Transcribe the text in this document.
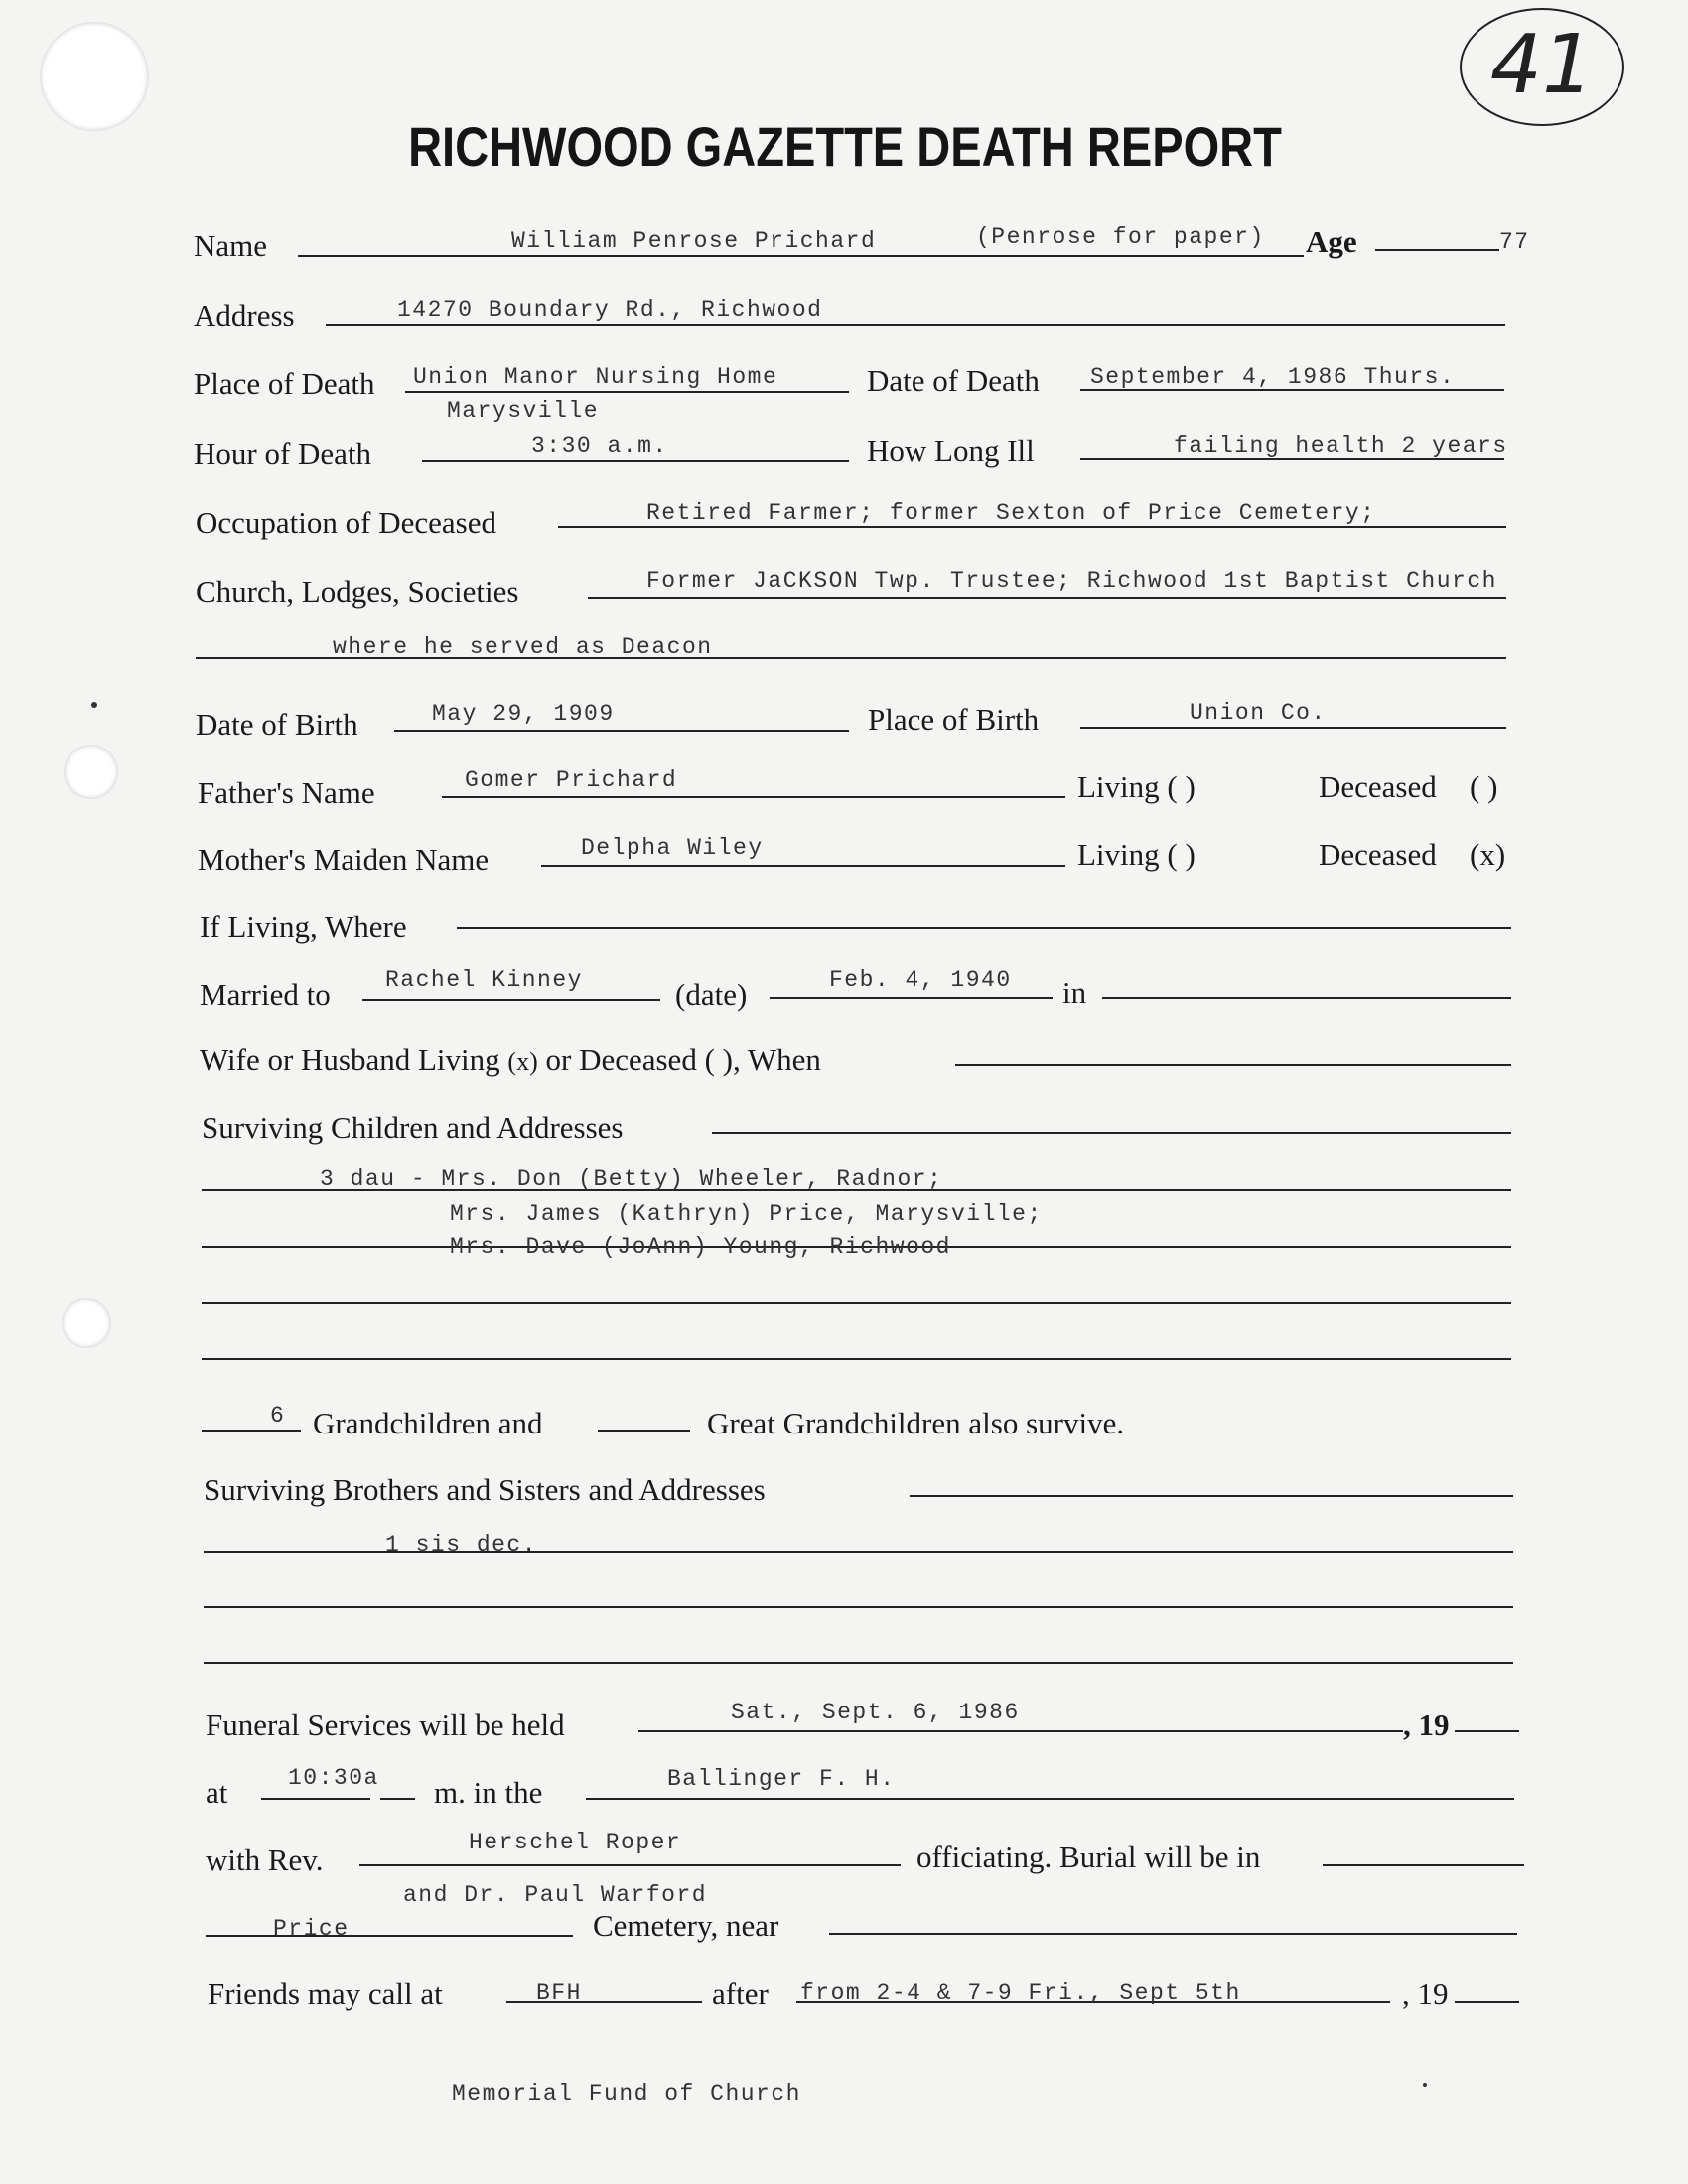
41
RICHWOOD GAZETTE DEATH REPORT
Name	William Penrose Prichard	(Penrose for paper) Age	77
Address	14270 Boundary Rd., Richwood
Place of Death Union Manor Nursing Home
Marysville
Date of Death September 4, 1986 Thurs.
Hour of Death	3:30 a.m.	How Long Ill	failing health 2 years
Occupation of Deceased	Retired Farmer; former Sexton of Price Cemetery;
Church, Lodges, Societies	Former JaCKSON Twp. Trustee; Richwood 1st Baptist Church
where he served as Deacon
Date of Birth	May 29, 1909	Place of Birth	Union Co.
Father's Name	Gomer Prichard	Living ( )	Deceased ( )
Mother's Maiden Name	Delpha Wiley	Living ( )	Deceased (x)
If Living, Where
Married to Rachel Kinney	(date)	Feb. 4, 1940 in
Wife or Husband Living (x) or Deceased ( ), When
Surviving Children and Addresses
3 dau - Mrs. Don (Betty) Wheeler, Radnor;
Mrs. James (Kathryn) Price, Marysville;
Mrs. Dave (JoAnn) Young, Richwood
6 Grandchildren and	Great Grandchildren also survive.
Surviving Brothers and Sisters and Addresses
1 sis dec.
Funeral Services will be held	Sat., Sept. 6, 1986	, 19
at	10:30a m. in the	Ballinger F. H.
with Rev.	Herschel Roper	officiating. Burial will be in
and Dr. Paul Warford
Price	Cemetery, near
Friends may call at	BFH	after from 2-4 & 7-9 Fri., Sept 5th	, 19
Memorial Fund of Church
